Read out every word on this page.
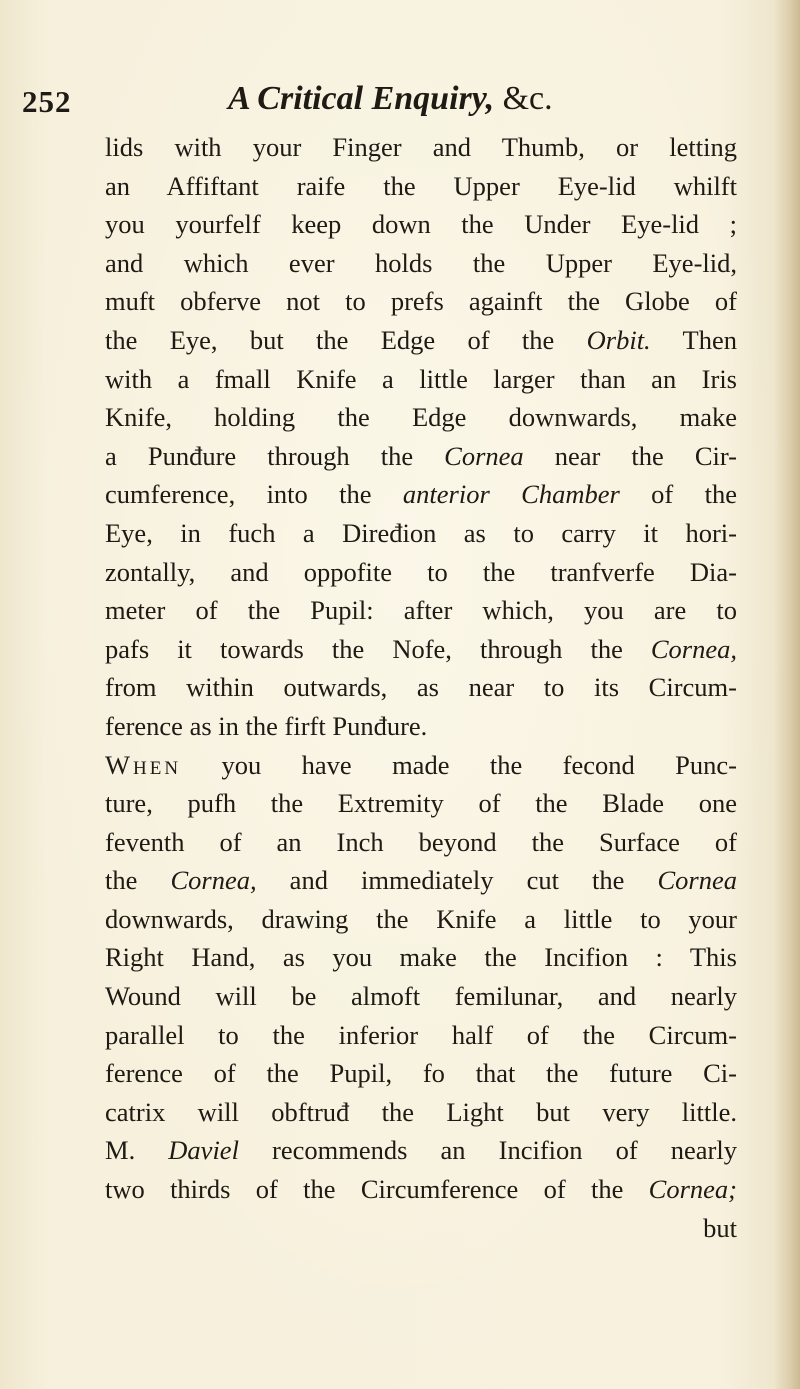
252	A Critical Enquiry, &c.
lids with your Finger and Thumb, or letting
an Affiftant raife the Upper Eye-lid whilft
you yourfelf keep down the Under Eye-lid ;
and which ever holds the Upper Eye-lid,
muft obferve not to prefs againft the Globe of
the Eye, but the Edge of the Orbit. Then
with a fmall Knife a little larger than an Iris
Knife, holding the Edge downwards, make
a Punđure through the Cornea near the Cir-
cumference, into the anterior Chamber of the
Eye, in fuch a Diređion as to carry it hori-
zontally, and oppofite to the tranfverfe Dia-
meter of the Pupil: after which, you are to
pafs it towards the Nofe, through the Cornea,
from within outwards, as near to its Circum-
ference as in the firft Punđure.
When you have made the fecond Punc-
ture, pufh the Extremity of the Blade one
feventh of an Inch beyond the Surface of
the Cornea, and immediately cut the Cornea
downwards, drawing the Knife a little to your
Right Hand, as you make the Incifion : This
Wound will be almoft femilunar, and nearly
parallel to the inferior half of the Circum-
ference of the Pupil, fo that the future Ci-
catrix will obftruđ the Light but very little.
M. Daviel recommends an Incifion of nearly
two thirds of the Circumference of the Cornea;
but
